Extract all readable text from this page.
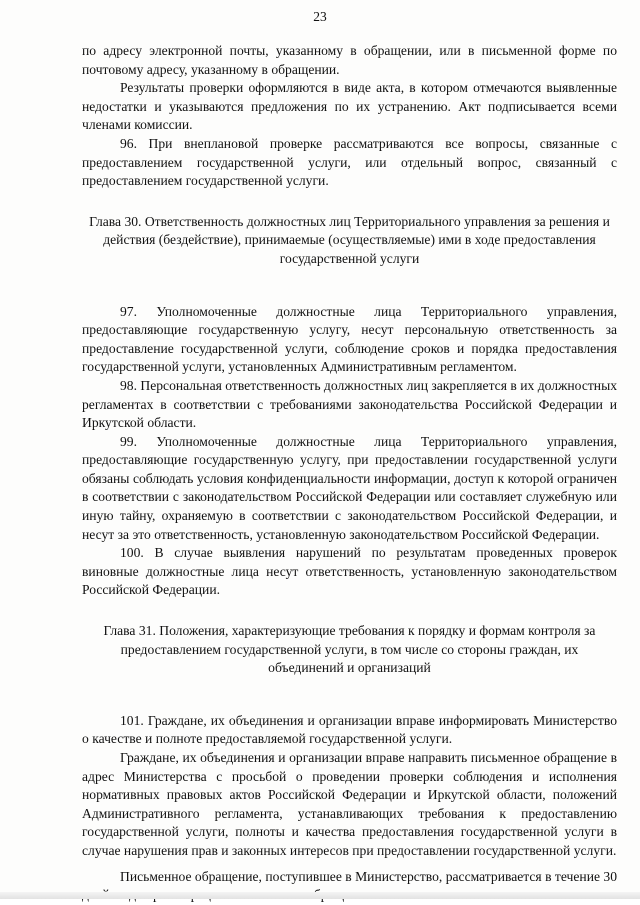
23

по адресу электронной почты, указанному в обращении, или в письменной форме по почтовому адресу, указанному в обращении.

Результаты проверки оформляются в виде акта, в котором отмечаются выявленные недостатки и указываются предложения по их устранению. Акт подписывается всеми членами комиссии.

96. При внеплановой проверке рассматриваются все вопросы, связанные с предоставлением государственной услуги, или отдельный вопрос, связанный с предоставлением государственной услуги.

Глава 30. Ответственность должностных лиц Территориального управления за решения и действия (бездействие), принимаемые (осуществляемые) ими в ходе предоставления государственной услуги

97. Уполномоченные должностные лица Территориального управления, предоставляющие государственную услугу, несут персональную ответственность за предоставление государственной услуги, соблюдение сроков и порядка предоставления государственной услуги, установленных Административным регламентом.

98. Персональная ответственность должностных лиц закрепляется в их должностных регламентах в соответствии с требованиями законодательства Российской Федерации и Иркутской области.

99. Уполномоченные должностные лица Территориального управления, предоставляющие государственную услугу, при предоставлении государственной услуги обязаны соблюдать условия конфиденциальности информации, доступ к которой ограничен в соответствии с законодательством Российской Федерации или составляет служебную или иную тайну, охраняемую в соответствии с законодательством Российской Федерации, и несут за это ответственность, установленную законодательством Российской Федерации.

100. В случае выявления нарушений по результатам проведенных проверок виновные должностные лица несут ответственность, установленную законодательством Российской Федерации.

Глава 31. Положения, характеризующие требования к порядку и формам контроля за предоставлением государственной услуги, в том числе со стороны граждан, их объединений и организаций

101. Граждане, их объединения и организации вправе информировать Министерство о качестве и полноте предоставляемой государственной услуги.

Граждане, их объединения и организации вправе направить письменное обращение в адрес Министерства с просьбой о проведении проверки соблюдения и исполнения нормативных правовых актов Российской Федерации и Иркутской области, положений Административного регламента, устанавливающих требования к предоставлению государственной услуги, полноты и качества предоставления государственной услуги в случае нарушения прав и законных интересов при предоставлении государственной услуги.

Письменное обращение, поступившее в Министерство, рассматривается в течение 30
